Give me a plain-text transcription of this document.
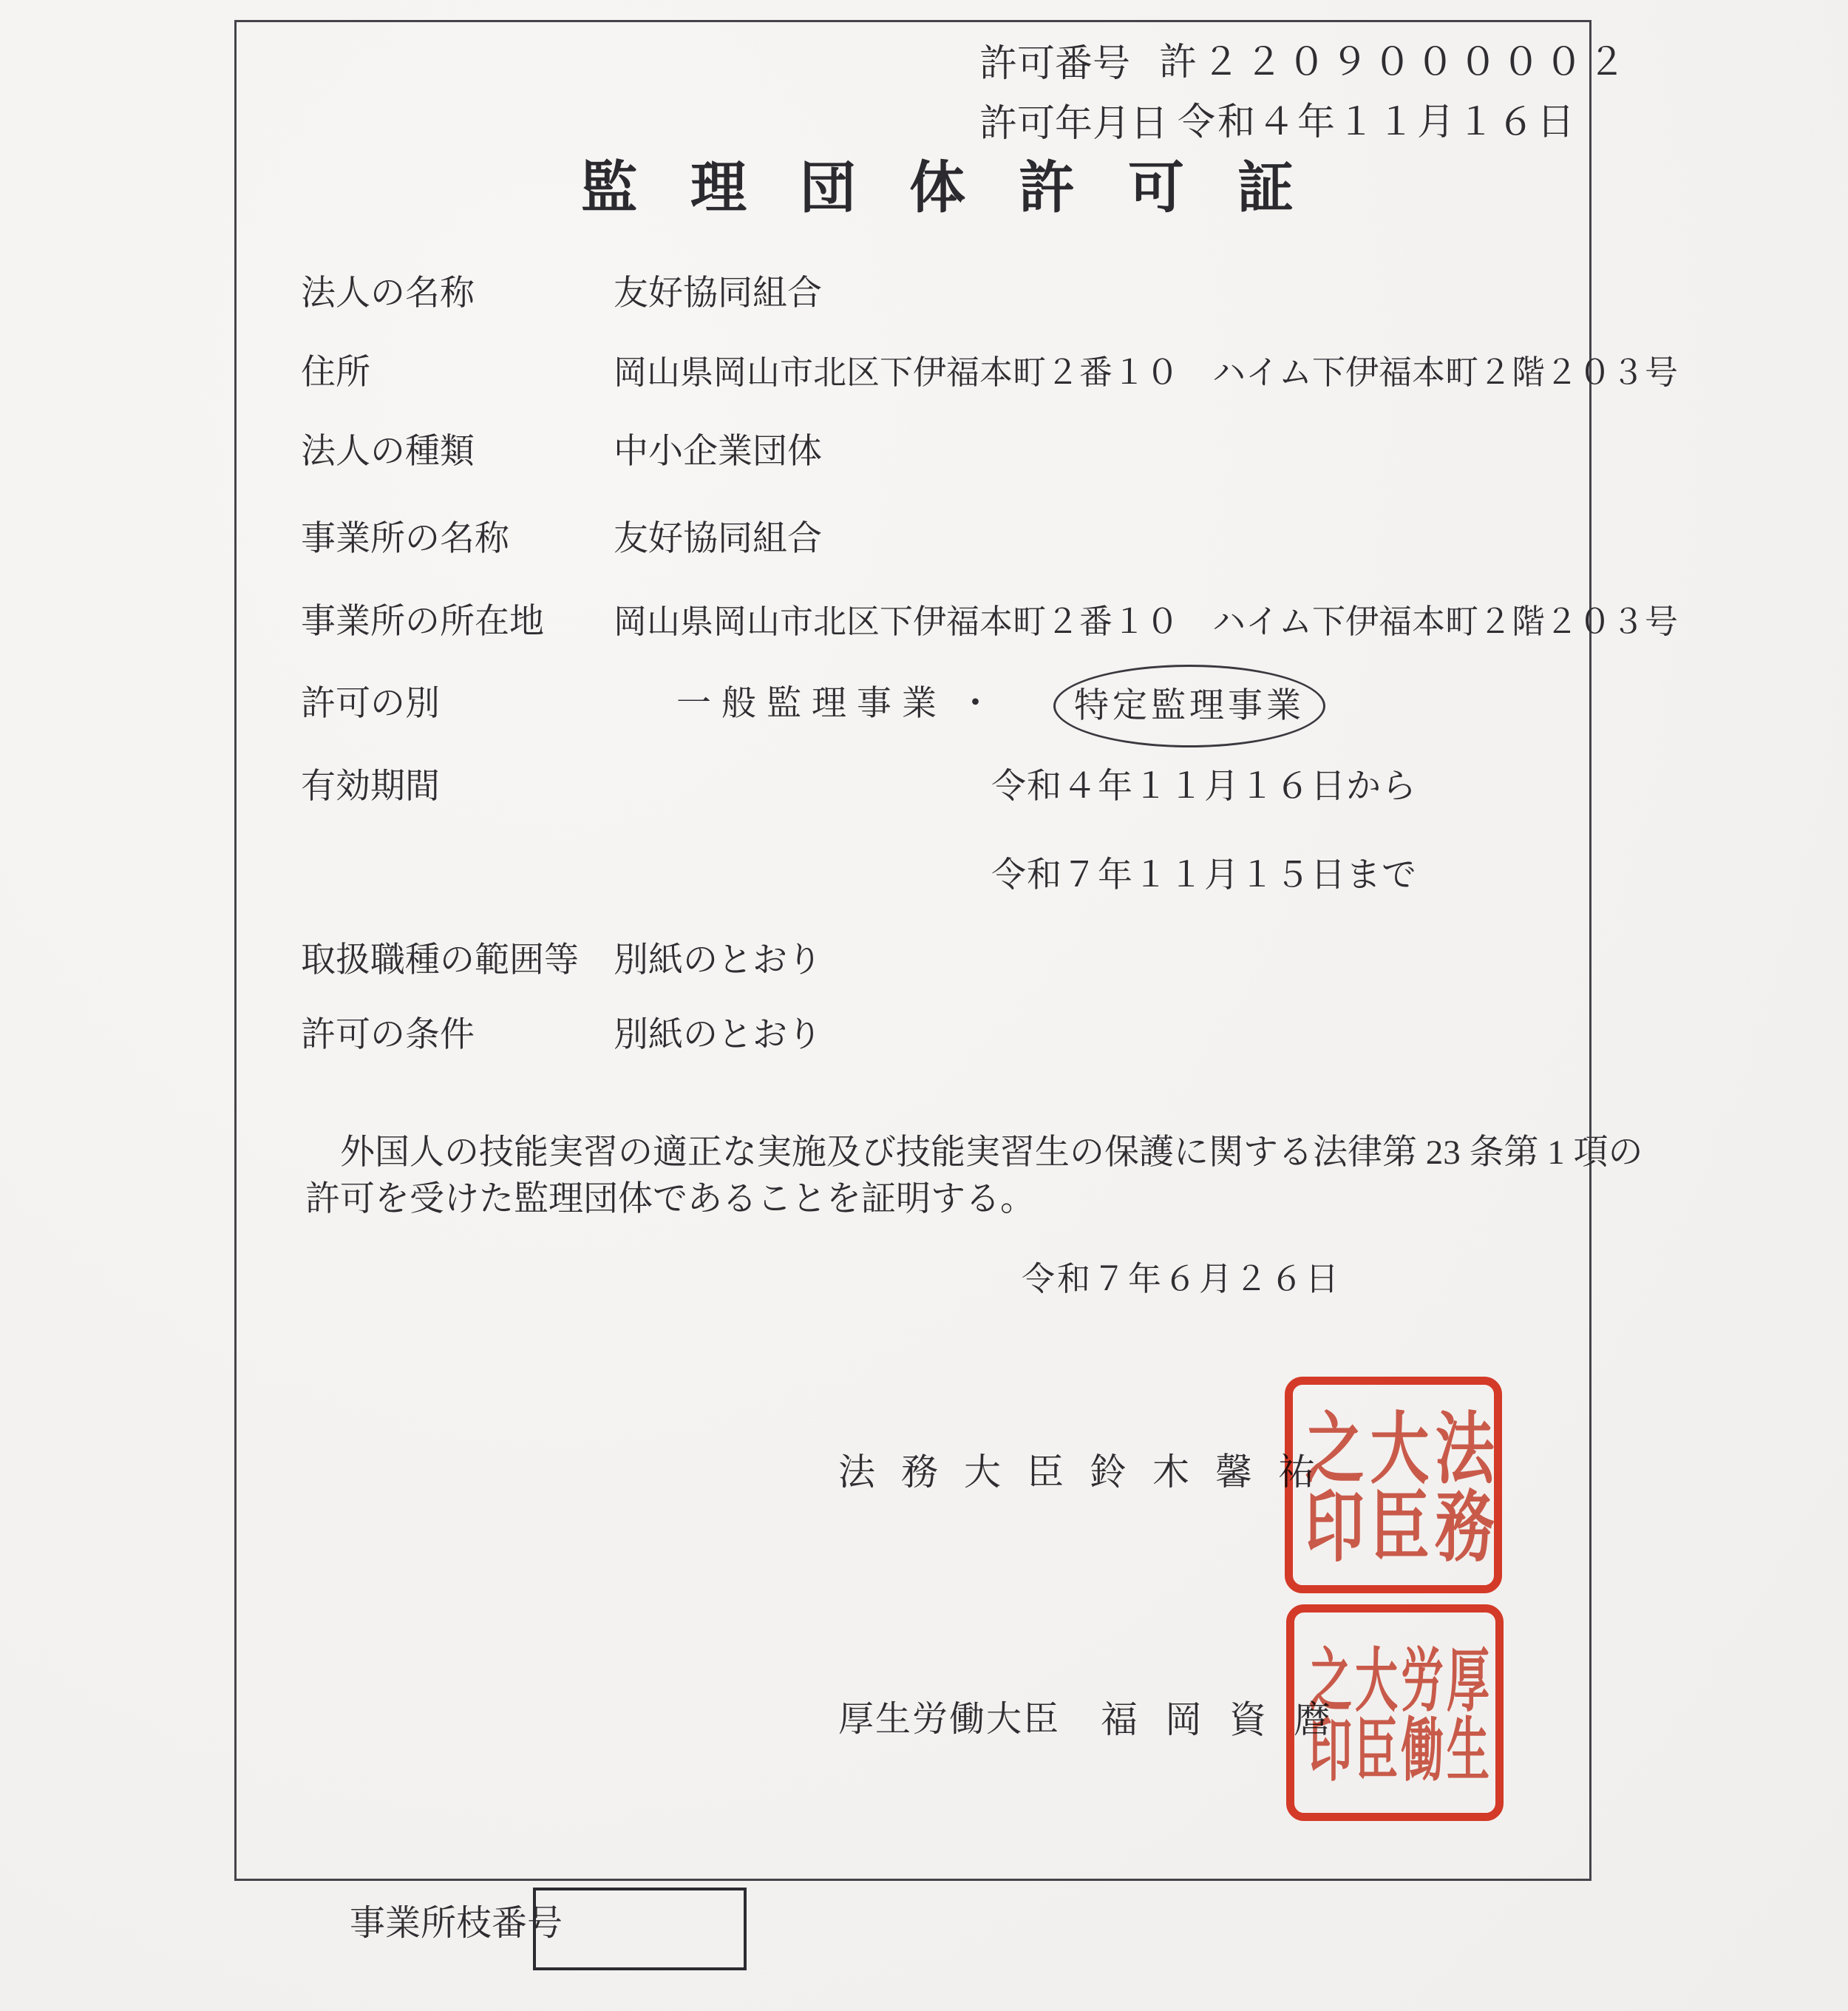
許可番号 許２２０９０００００２
許可年月日 令和４年１１月１６日
監理団体許可証
法人の名称	友好協同組合
住所	岡山県岡山市北区下伊福本町２番１０　ハイム下伊福本町２階２０３号
法人の種類	中小企業団体
事業所の名称	友好協同組合
事業所の所在地 岡山県岡山市北区下伊福本町２番１０　ハイム下伊福本町２階２０３号
許可の別	一般監理事業 ・ 特定監理事業
有効期間	令和４年１１月１６日から
令和７年１１月１５日まで
取扱職種の範囲等 別紙のとおり
許可の条件	別紙のとおり
外国人の技能実習の適正な実施及び技能実習生の保護に関する法律第 23 条第 1 項の
許可を受けた監理団体であることを証明する。
令和７年６月２６日
法務大臣 鈴木馨祐
厚生労働大臣 福岡資麿
法務
大臣
之印
厚生
労働
大臣
之印
事業所枝番号
